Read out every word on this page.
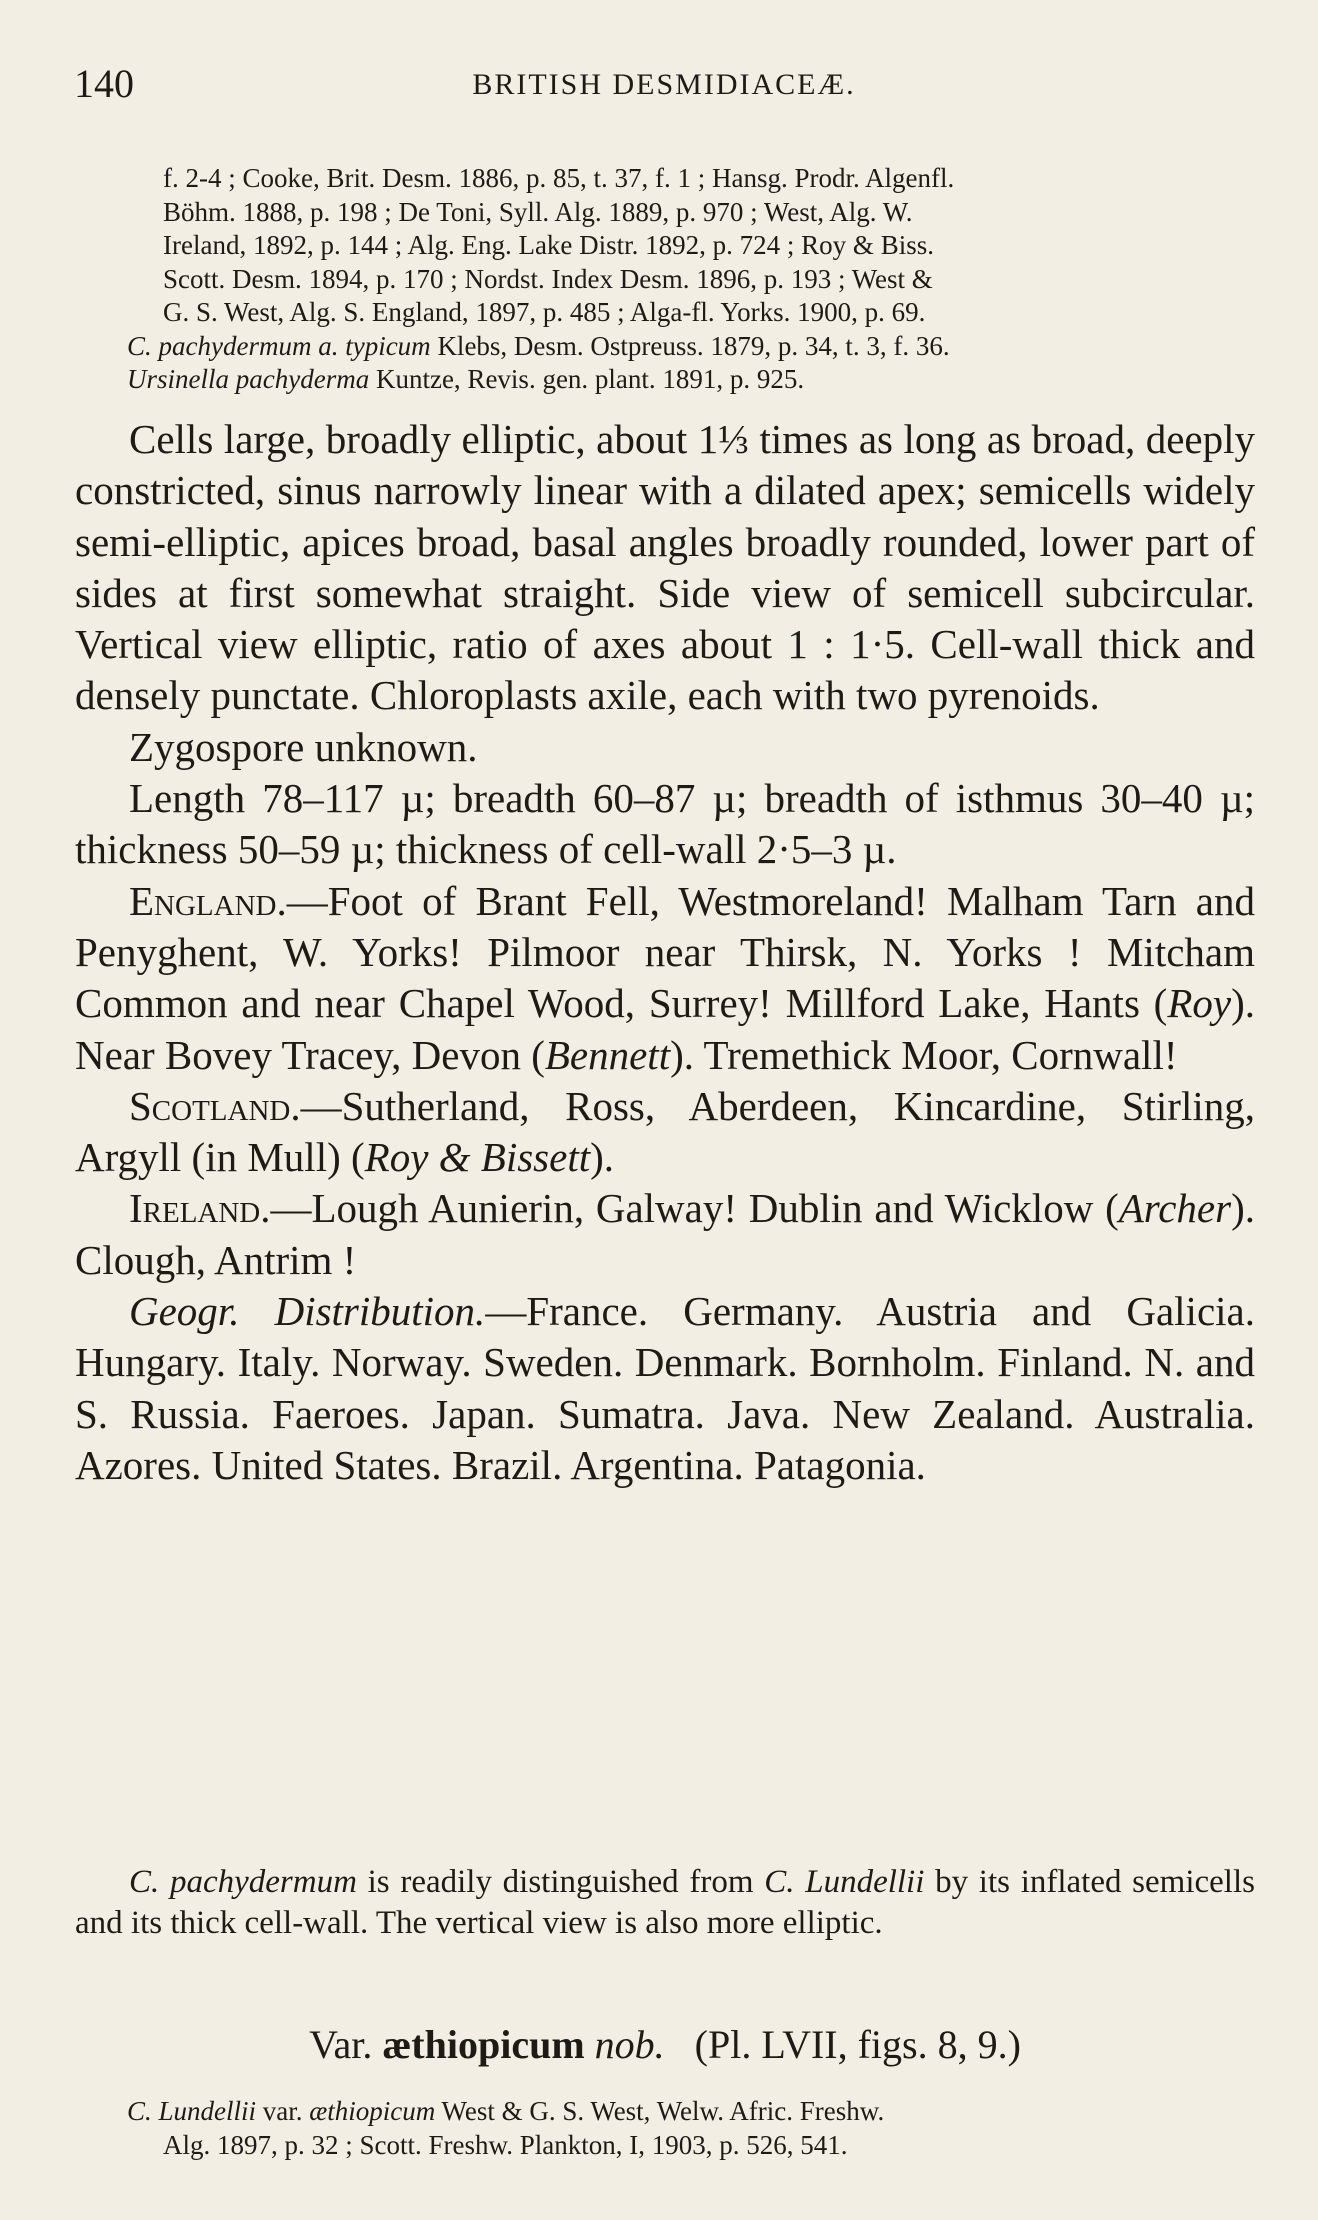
140	BRITISH DESMIDIACEÆ.
f. 2-4 ; Cooke, Brit. Desm. 1886, p. 85, t. 37, f. 1 ; Hansg. Prodr. Algenfl.
Böhm. 1888, p. 198 ; De Toni, Syll. Alg. 1889, p. 970 ; West, Alg. W.
Ireland, 1892, p. 144 ; Alg. Eng. Lake Distr. 1892, p. 724 ; Roy & Biss.
Scott. Desm. 1894, p. 170 ; Nordst. Index Desm. 1896, p. 193 ; West &
G. S. West, Alg. S. England, 1897, p. 485 ; Alga-fl. Yorks. 1900, p. 69.
C. pachydermum a. typicum Klebs, Desm. Ostpreuss. 1879, p. 34, t. 3, f. 36.
Ursinella pachyderma Kuntze, Revis. gen. plant. 1891, p. 925.

Cells large, broadly elliptic, about 1⅓ times as long as broad, deeply constricted, sinus narrowly linear with a dilated apex; semicells widely semi-elliptic, apices broad, basal angles broadly rounded, lower part of sides at first somewhat straight. Side view of semicell subcircular. Vertical view elliptic, ratio of axes about 1 : 1·5. Cell-wall thick and densely punctate. Chloroplasts axile, each with two pyrenoids.

Zygospore unknown.

Length 78–117 µ; breadth 60–87 µ; breadth of isthmus 30–40 µ; thickness 50–59 µ; thickness of cell-wall 2·5–3 µ.

England.—Foot of Brant Fell, Westmoreland! Malham Tarn and Penyghent, W. Yorks! Pilmoor near Thirsk, N. Yorks ! Mitcham Common and near Chapel Wood, Surrey! Millford Lake, Hants (Roy). Near Bovey Tracey, Devon (Bennett). Tremethick Moor, Cornwall!

Scotland.—Sutherland, Ross, Aberdeen, Kincardine, Stirling, Argyll (in Mull) (Roy & Bissett).

Ireland.—Lough Aunierin, Galway! Dublin and Wicklow (Archer). Clough, Antrim !

Geogr. Distribution.—France. Germany. Austria and Galicia. Hungary. Italy. Norway. Sweden. Denmark. Bornholm. Finland. N. and S. Russia. Faeroes. Japan. Sumatra. Java. New Zealand. Australia. Azores. United States. Brazil. Argentina. Patagonia.

C. pachydermum is readily distinguished from C. Lundellii by its inflated semicells and its thick cell-wall. The vertical view is also more elliptic.

Var. æthiopicum nob. (Pl. LVII, figs. 8, 9.)
C. Lundellii var. æthiopicum West & G. S. West, Welw. Afric. Freshw.
Alg. 1897, p. 32 ; Scott. Freshw. Plankton, I, 1903, p. 526, 541.
